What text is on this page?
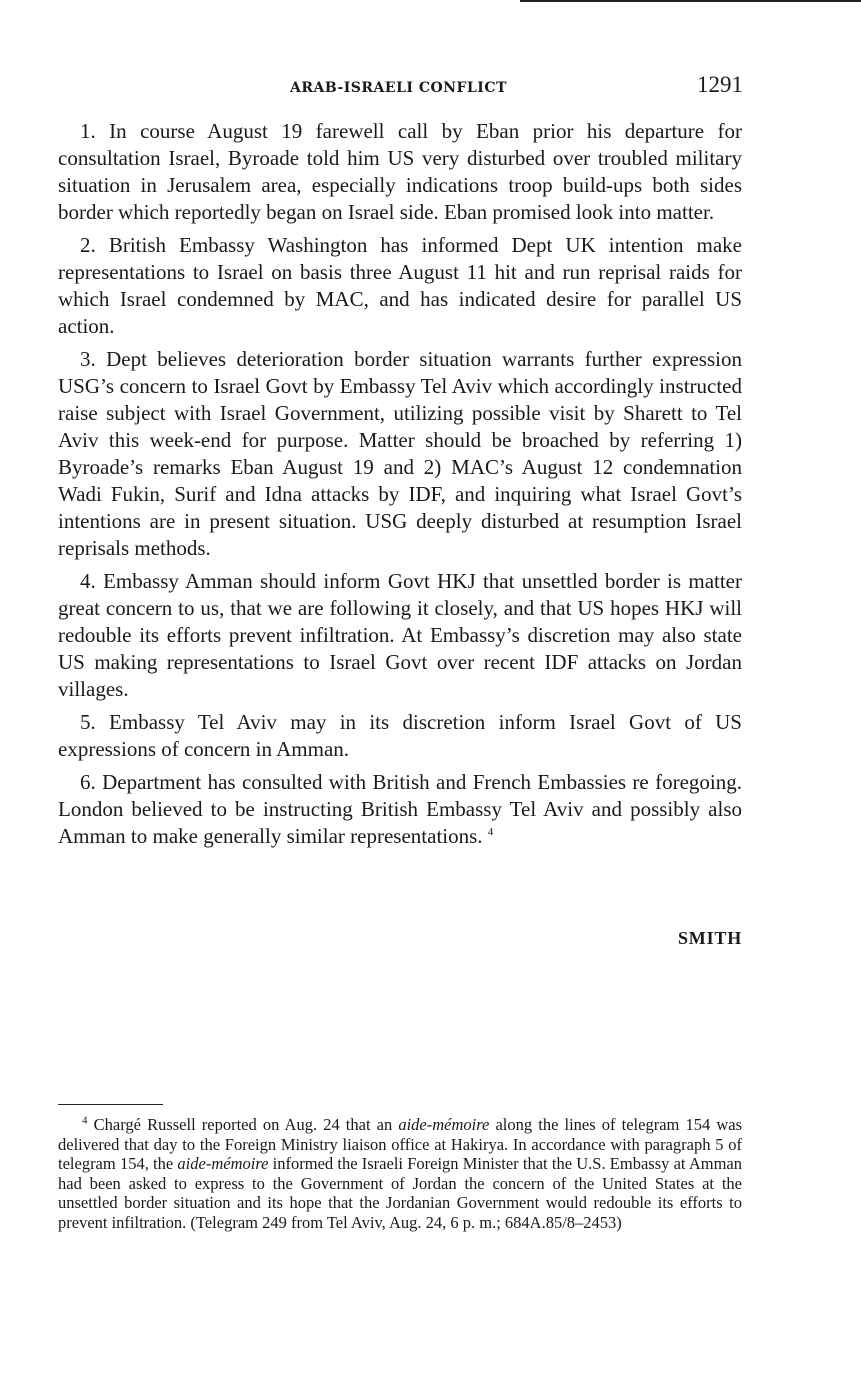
ARAB-ISRAELI CONFLICT	1291

1. In course August 19 farewell call by Eban prior his departure for consultation Israel, Byroade told him US very disturbed over troubled military situation in Jerusalem area, especially indications troop build-ups both sides border which reportedly began on Israel side. Eban promised look into matter.

2. British Embassy Washington has informed Dept UK intention make representations to Israel on basis three August 11 hit and run reprisal raids for which Israel condemned by MAC, and has indicated desire for parallel US action.

3. Dept believes deterioration border situation warrants further expression USG’s concern to Israel Govt by Embassy Tel Aviv which accordingly instructed raise subject with Israel Government, utilizing possible visit by Sharett to Tel Aviv this week-end for purpose. Matter should be broached by referring 1) Byroade’s remarks Eban August 19 and 2) MAC’s August 12 condemnation Wadi Fukin, Surif and Idna attacks by IDF, and inquiring what Israel Govt’s intentions are in present situation. USG deeply disturbed at resumption Israel reprisals methods.

4. Embassy Amman should inform Govt HKJ that unsettled border is matter great concern to us, that we are following it closely, and that US hopes HKJ will redouble its efforts prevent infiltration. At Embassy’s discretion may also state US making representations to Israel Govt over recent IDF attacks on Jordan villages.

5. Embassy Tel Aviv may in its discretion inform Israel Govt of US expressions of concern in Amman.

6. Department has consulted with British and French Embassies re foregoing. London believed to be instructing British Embassy Tel Aviv and possibly also Amman to make generally similar representations. $^4$

SMITH
$^4$ Chargé Russell reported on Aug. 24 that an aide-mémoire along the lines of telegram 154 was delivered that day to the Foreign Ministry liaison office at Hakirya. In accordance with paragraph 5 of telegram 154, the aide-mémoire informed the Israeli Foreign Minister that the U.S. Embassy at Amman had been asked to express to the Government of Jordan the concern of the United States at the unsettled border situation and its hope that the Jordanian Government would redouble its efforts to prevent infiltration. (Telegram 249 from Tel Aviv, Aug. 24, 6 p. m.; 684A.85/8–2453)
